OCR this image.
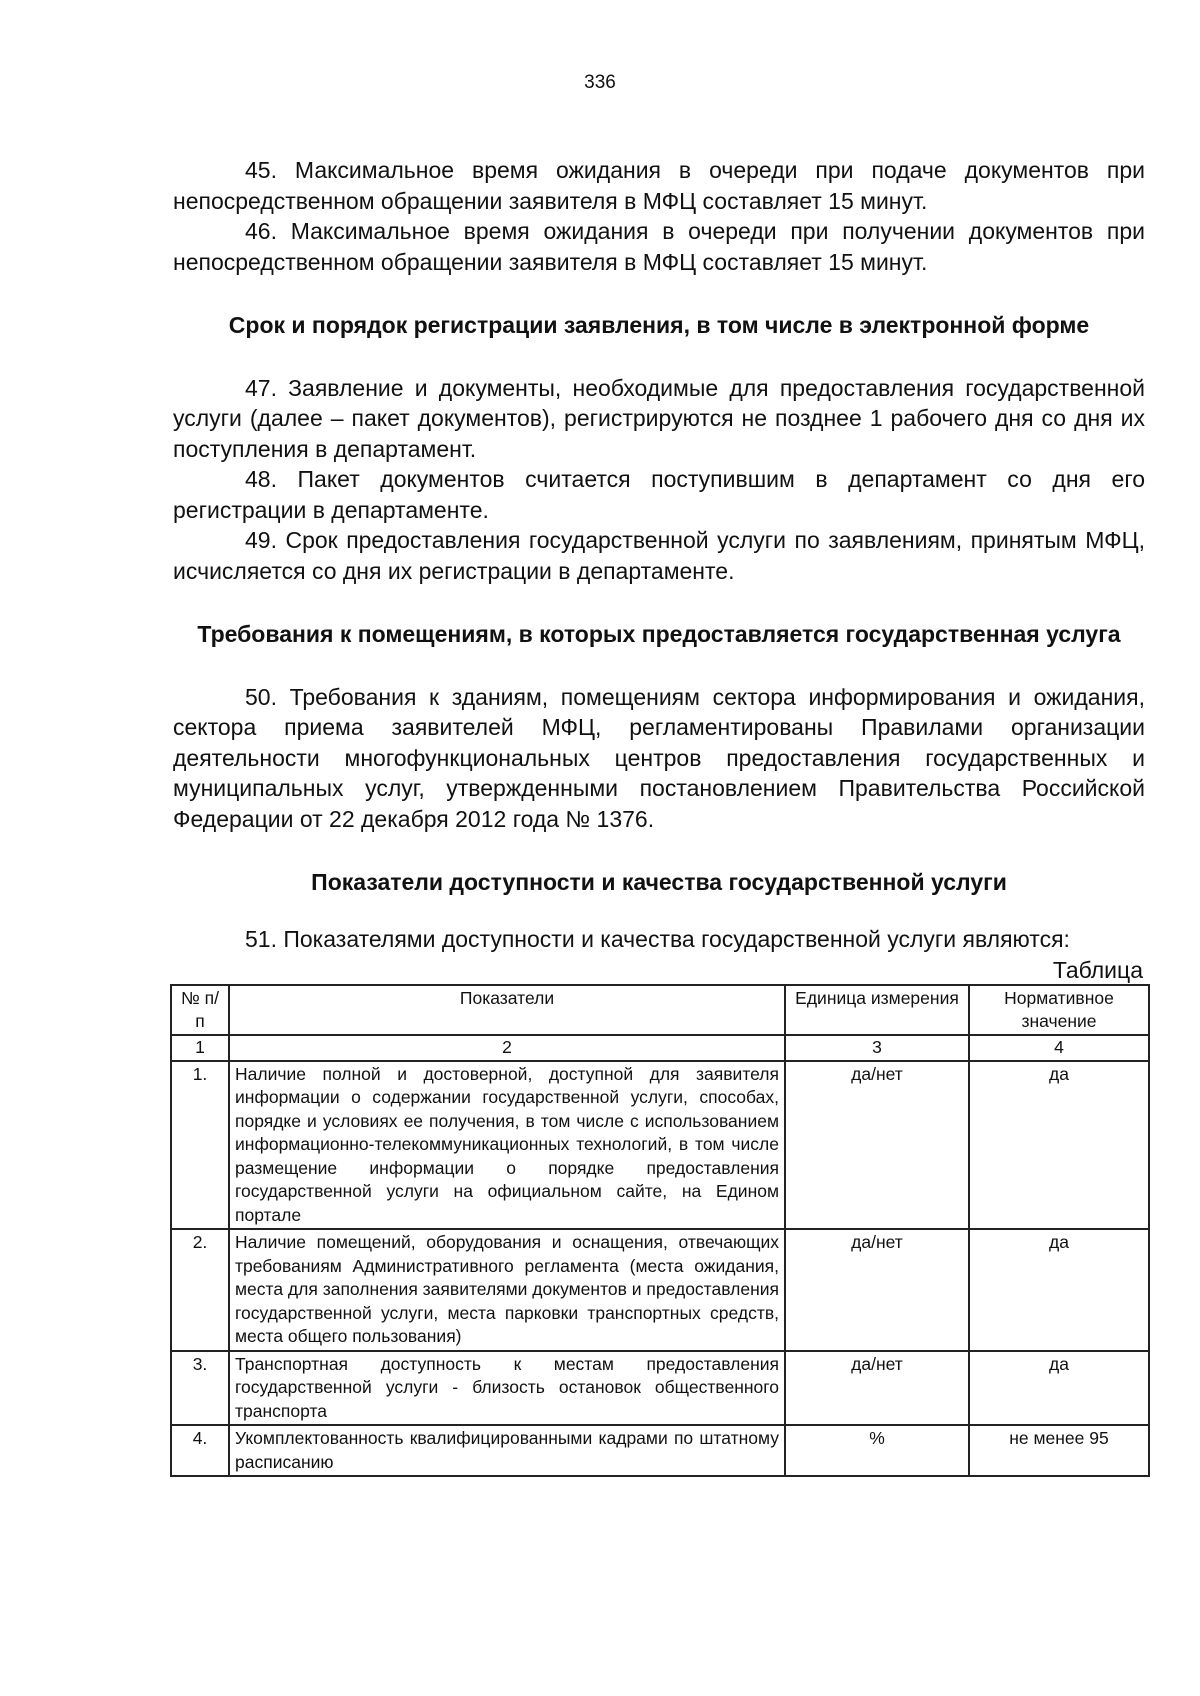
336

45. Максимальное время ожидания в очереди при подаче документов при непосредственном обращении заявителя в МФЦ составляет 15 минут.

46. Максимальное время ожидания в очереди при получении документов при непосредственном обращении заявителя в МФЦ составляет 15 минут.

Срок и порядок регистрации заявления, в том числе в электронной форме

47. Заявление и документы, необходимые для предоставления государственной услуги (далее – пакет документов), регистрируются не позднее 1 рабочего дня со дня их поступления в департамент.

48. Пакет документов считается поступившим в департамент со дня его регистрации в департаменте.

49. Срок предоставления государственной услуги по заявлениям, принятым МФЦ, исчисляется со дня их регистрации в департаменте.

Требования к помещениям, в которых предоставляется государственная услуга

50. Требования к зданиям, помещениям сектора информирования и ожидания, сектора приема заявителей МФЦ, регламентированы Правилами организации деятельности многофункциональных центров предоставления государственных и муниципальных услуг, утвержденными постановлением Правительства Российской Федерации от 22 декабря 2012 года № 1376.

Показатели доступности и качества государственной услуги

51. Показателями доступности и качества государственной услуги являются:

Таблица
№ п/п	Показатели	Единица измерения	Нормативное значение
1	2	3	4
1.	Наличие полной и достоверной, доступной для заявителя информации о содержании государственной услуги, способах, порядке и условиях ее получения, в том числе с использованием информационно-телекоммуникационных технологий, в том числе размещение информации о порядке предоставления государственной услуги на официальном сайте, на Едином портале	да/нет	да
2.	Наличие помещений, оборудования и оснащения, отвечающих требованиям Административного регламента (места ожидания, места для заполнения заявителями документов и предоставления государственной услуги, места парковки транспортных средств, места общего пользования)	да/нет	да
3.	Транспортная доступность к местам предоставления государственной услуги - близость остановок общественного транспорта	да/нет	да
4.	Укомплектованность квалифицированными кадрами по штатному расписанию	%	не менее 95
